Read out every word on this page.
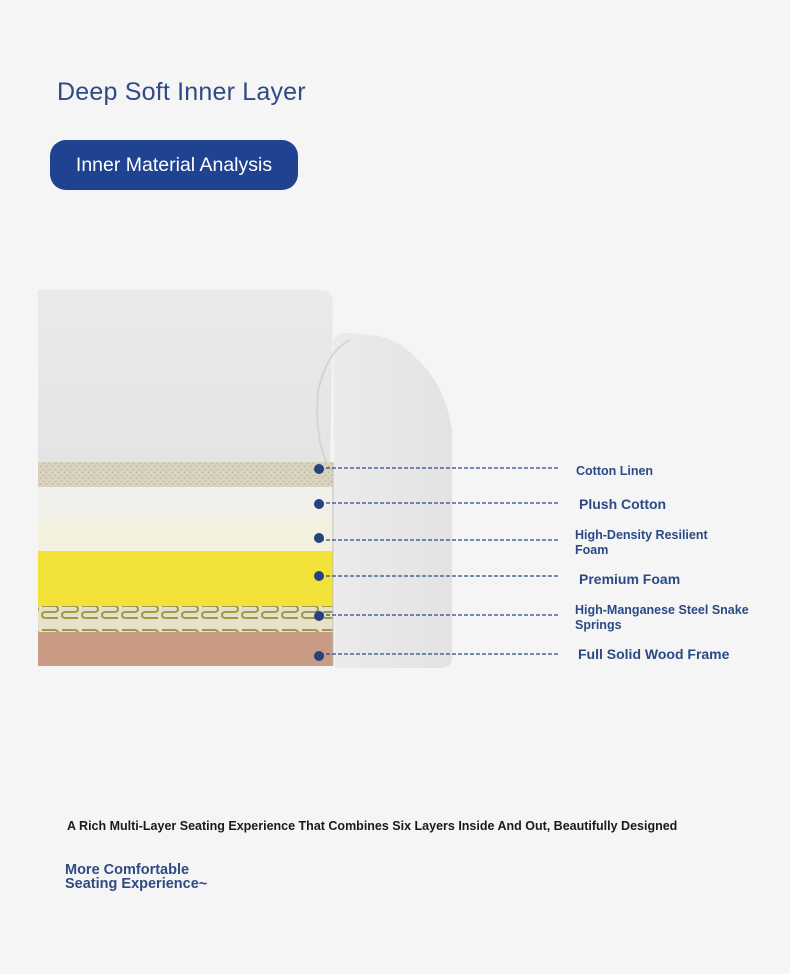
Deep Soft Inner Layer
Inner Material Analysis
Cotton Linen
Plush Cotton
High-Density Resilient Foam
Premium Foam
High-Manganese Steel Snake Springs
Full Solid Wood Frame
A Rich Multi-Layer Seating Experience That Combines Six Layers Inside And Out, Beautifully Designed
More Comfortable
Seating Experience~
